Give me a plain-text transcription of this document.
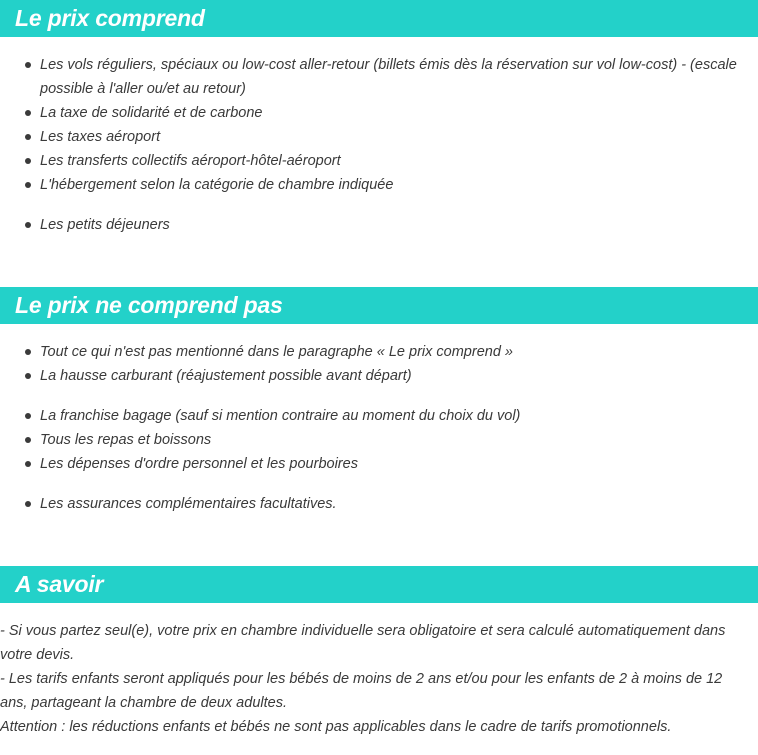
Le prix comprend
Les vols réguliers, spéciaux ou low-cost aller-retour (billets émis dès la réservation sur vol low-cost) - (escale possible à l'aller ou/et au retour)
La taxe de solidarité et de carbone
Les taxes aéroport
Les transferts collectifs aéroport-hôtel-aéroport
L'hébergement selon la catégorie de chambre indiquée
Les petits déjeuners
Le prix ne comprend pas
Tout ce qui n'est pas mentionné dans le paragraphe « Le prix comprend »
La hausse carburant (réajustement possible avant départ)
La franchise bagage (sauf si mention contraire au moment du choix du vol)
Tous les repas et boissons
Les dépenses d'ordre personnel et les pourboires
Les assurances complémentaires facultatives.
A savoir

- Si vous partez seul(e), votre prix en chambre individuelle sera obligatoire et sera calculé automatiquement dans votre devis.

- Les tarifs enfants seront appliqués pour les bébés de moins de 2 ans et/ou pour les enfants de 2 à moins de 12 ans, partageant la chambre de deux adultes.

Attention : les réductions enfants et bébés ne sont pas applicables dans le cadre de tarifs promotionnels.
